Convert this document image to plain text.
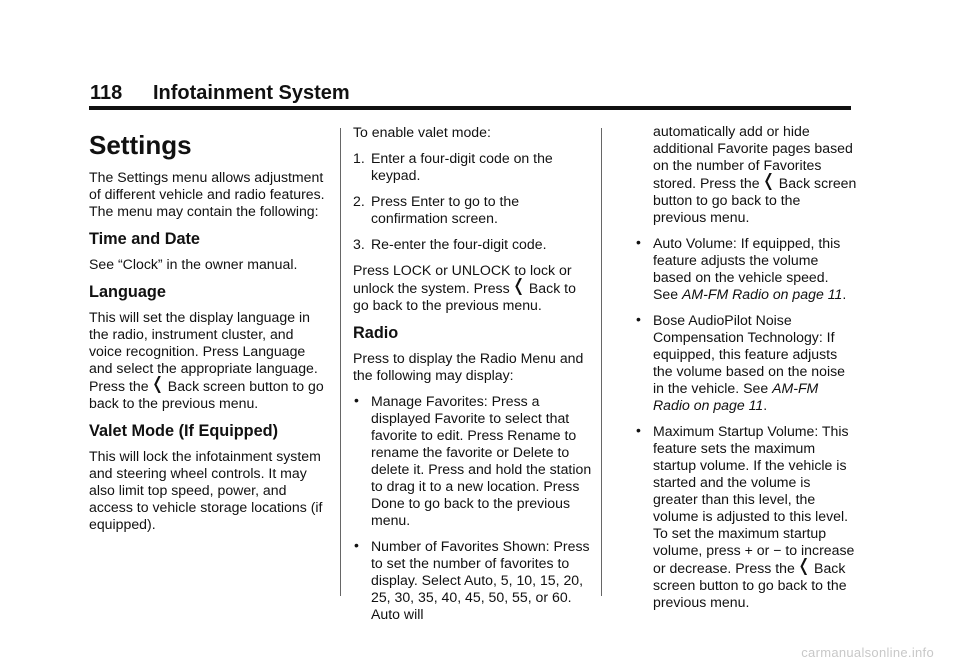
118 Infotainment System
Settings

The Settings menu allows adjustment of different vehicle and radio features. The menu may contain the following:

Time and Date

See “Clock” in the owner manual.

Language

This will set the display language in the radio, instrument cluster, and voice recognition. Press Language and select the appropriate language. Press the ❬ Back screen button to go back to the previous menu.

Valet Mode (If Equipped)

This will lock the infotainment system and steering wheel controls. It may also limit top speed, power, and access to vehicle storage locations (if equipped).

To enable valet mode:

1. Enter a four-digit code on the keypad.
2. Press Enter to go to the confirmation screen.
3. Re-enter the four-digit code.

Press LOCK or UNLOCK to lock or unlock the system. Press ❬ Back to go back to the previous menu.

Radio

Press to display the Radio Menu and the following may display:

• Manage Favorites: Press a displayed Favorite to select that favorite to edit. Press Rename to rename the favorite or Delete to delete it. Press and hold the station to drag it to a new location. Press Done to go back to the previous menu.
• Number of Favorites Shown: Press to set the number of favorites to display. Select Auto, 5, 10, 15, 20, 25, 30, 35, 40, 45, 50, 55, or 60. Auto will
automatically add or hide additional Favorite pages based on the number of Favorites stored. Press the ❬ Back screen button to go back to the previous menu.
• Auto Volume: If equipped, this feature adjusts the volume based on the vehicle speed. See AM-FM Radio on page 11.
• Bose AudioPilot Noise Compensation Technology: If equipped, this feature adjusts the volume based on the noise in the vehicle. See AM-FM Radio on page 11.
• Maximum Startup Volume: This feature sets the maximum startup volume. If the vehicle is started and the volume is greater than this level, the volume is adjusted to this level. To set the maximum startup volume, press + or − to increase or decrease. Press the ❬ Back screen button to go back to the previous menu.
carmanualsonline.info
